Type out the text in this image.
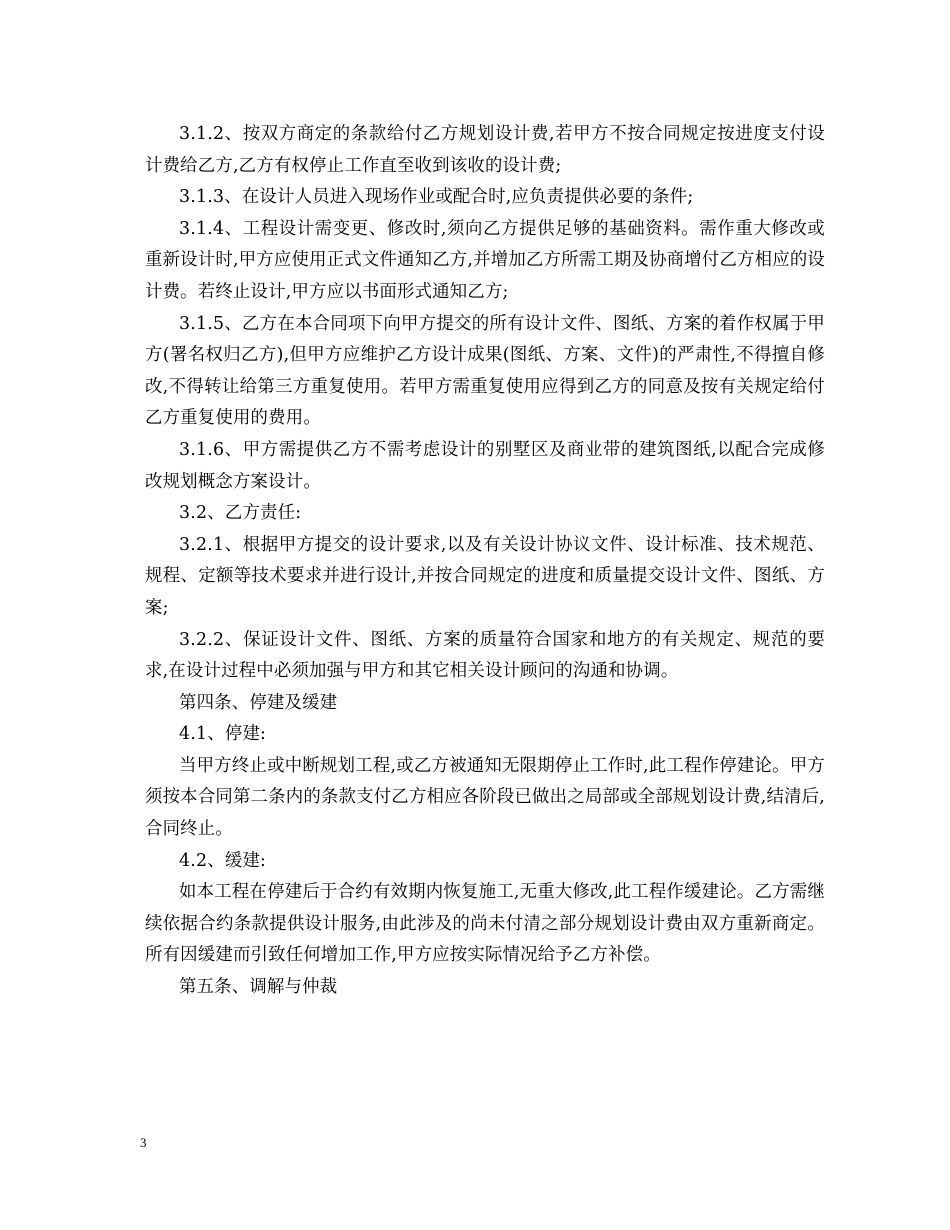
3.1.2、按双方商定的条款给付乙方规划设计费,若甲方不按合同规定按进度支付设计费给乙方,乙方有权停止工作直至收到该收的设计费;

3.1.3、在设计人员进入现场作业或配合时,应负责提供必要的条件;

3.1.4、工程设计需变更、修改时,须向乙方提供足够的基础资料。需作重大修改或重新设计时,甲方应使用正式文件通知乙方,并增加乙方所需工期及协商增付乙方相应的设计费。若终止设计,甲方应以书面形式通知乙方;

3.1.5、乙方在本合同项下向甲方提交的所有设计文件、图纸、方案的着作权属于甲方(署名权归乙方),但甲方应维护乙方设计成果(图纸、方案、文件)的严肃性,不得擅自修改,不得转让给第三方重复使用。若甲方需重复使用应得到乙方的同意及按有关规定给付乙方重复使用的费用。

3.1.6、甲方需提供乙方不需考虑设计的别墅区及商业带的建筑图纸,以配合完成修改规划概念方案设计。

3.2、乙方责任:

3.2.1、根据甲方提交的设计要求,以及有关设计协议文件、设计标准、技术规范、规程、定额等技术要求并进行设计,并按合同规定的进度和质量提交设计文件、图纸、方案;

3.2.2、保证设计文件、图纸、方案的质量符合国家和地方的有关规定、规范的要求,在设计过程中必须加强与甲方和其它相关设计顾问的沟通和协调。

第四条、停建及缓建

4.1、停建:

当甲方终止或中断规划工程,或乙方被通知无限期停止工作时,此工程作停建论。甲方须按本合同第二条内的条款支付乙方相应各阶段已做出之局部或全部规划设计费,结清后,合同终止。

4.2、缓建:

如本工程在停建后于合约有效期内恢复施工,无重大修改,此工程作缓建论。乙方需继续依据合约条款提供设计服务,由此涉及的尚未付清之部分规划设计费由双方重新商定。所有因缓建而引致任何增加工作,甲方应按实际情况给予乙方补偿。

第五条、调解与仲裁

3
